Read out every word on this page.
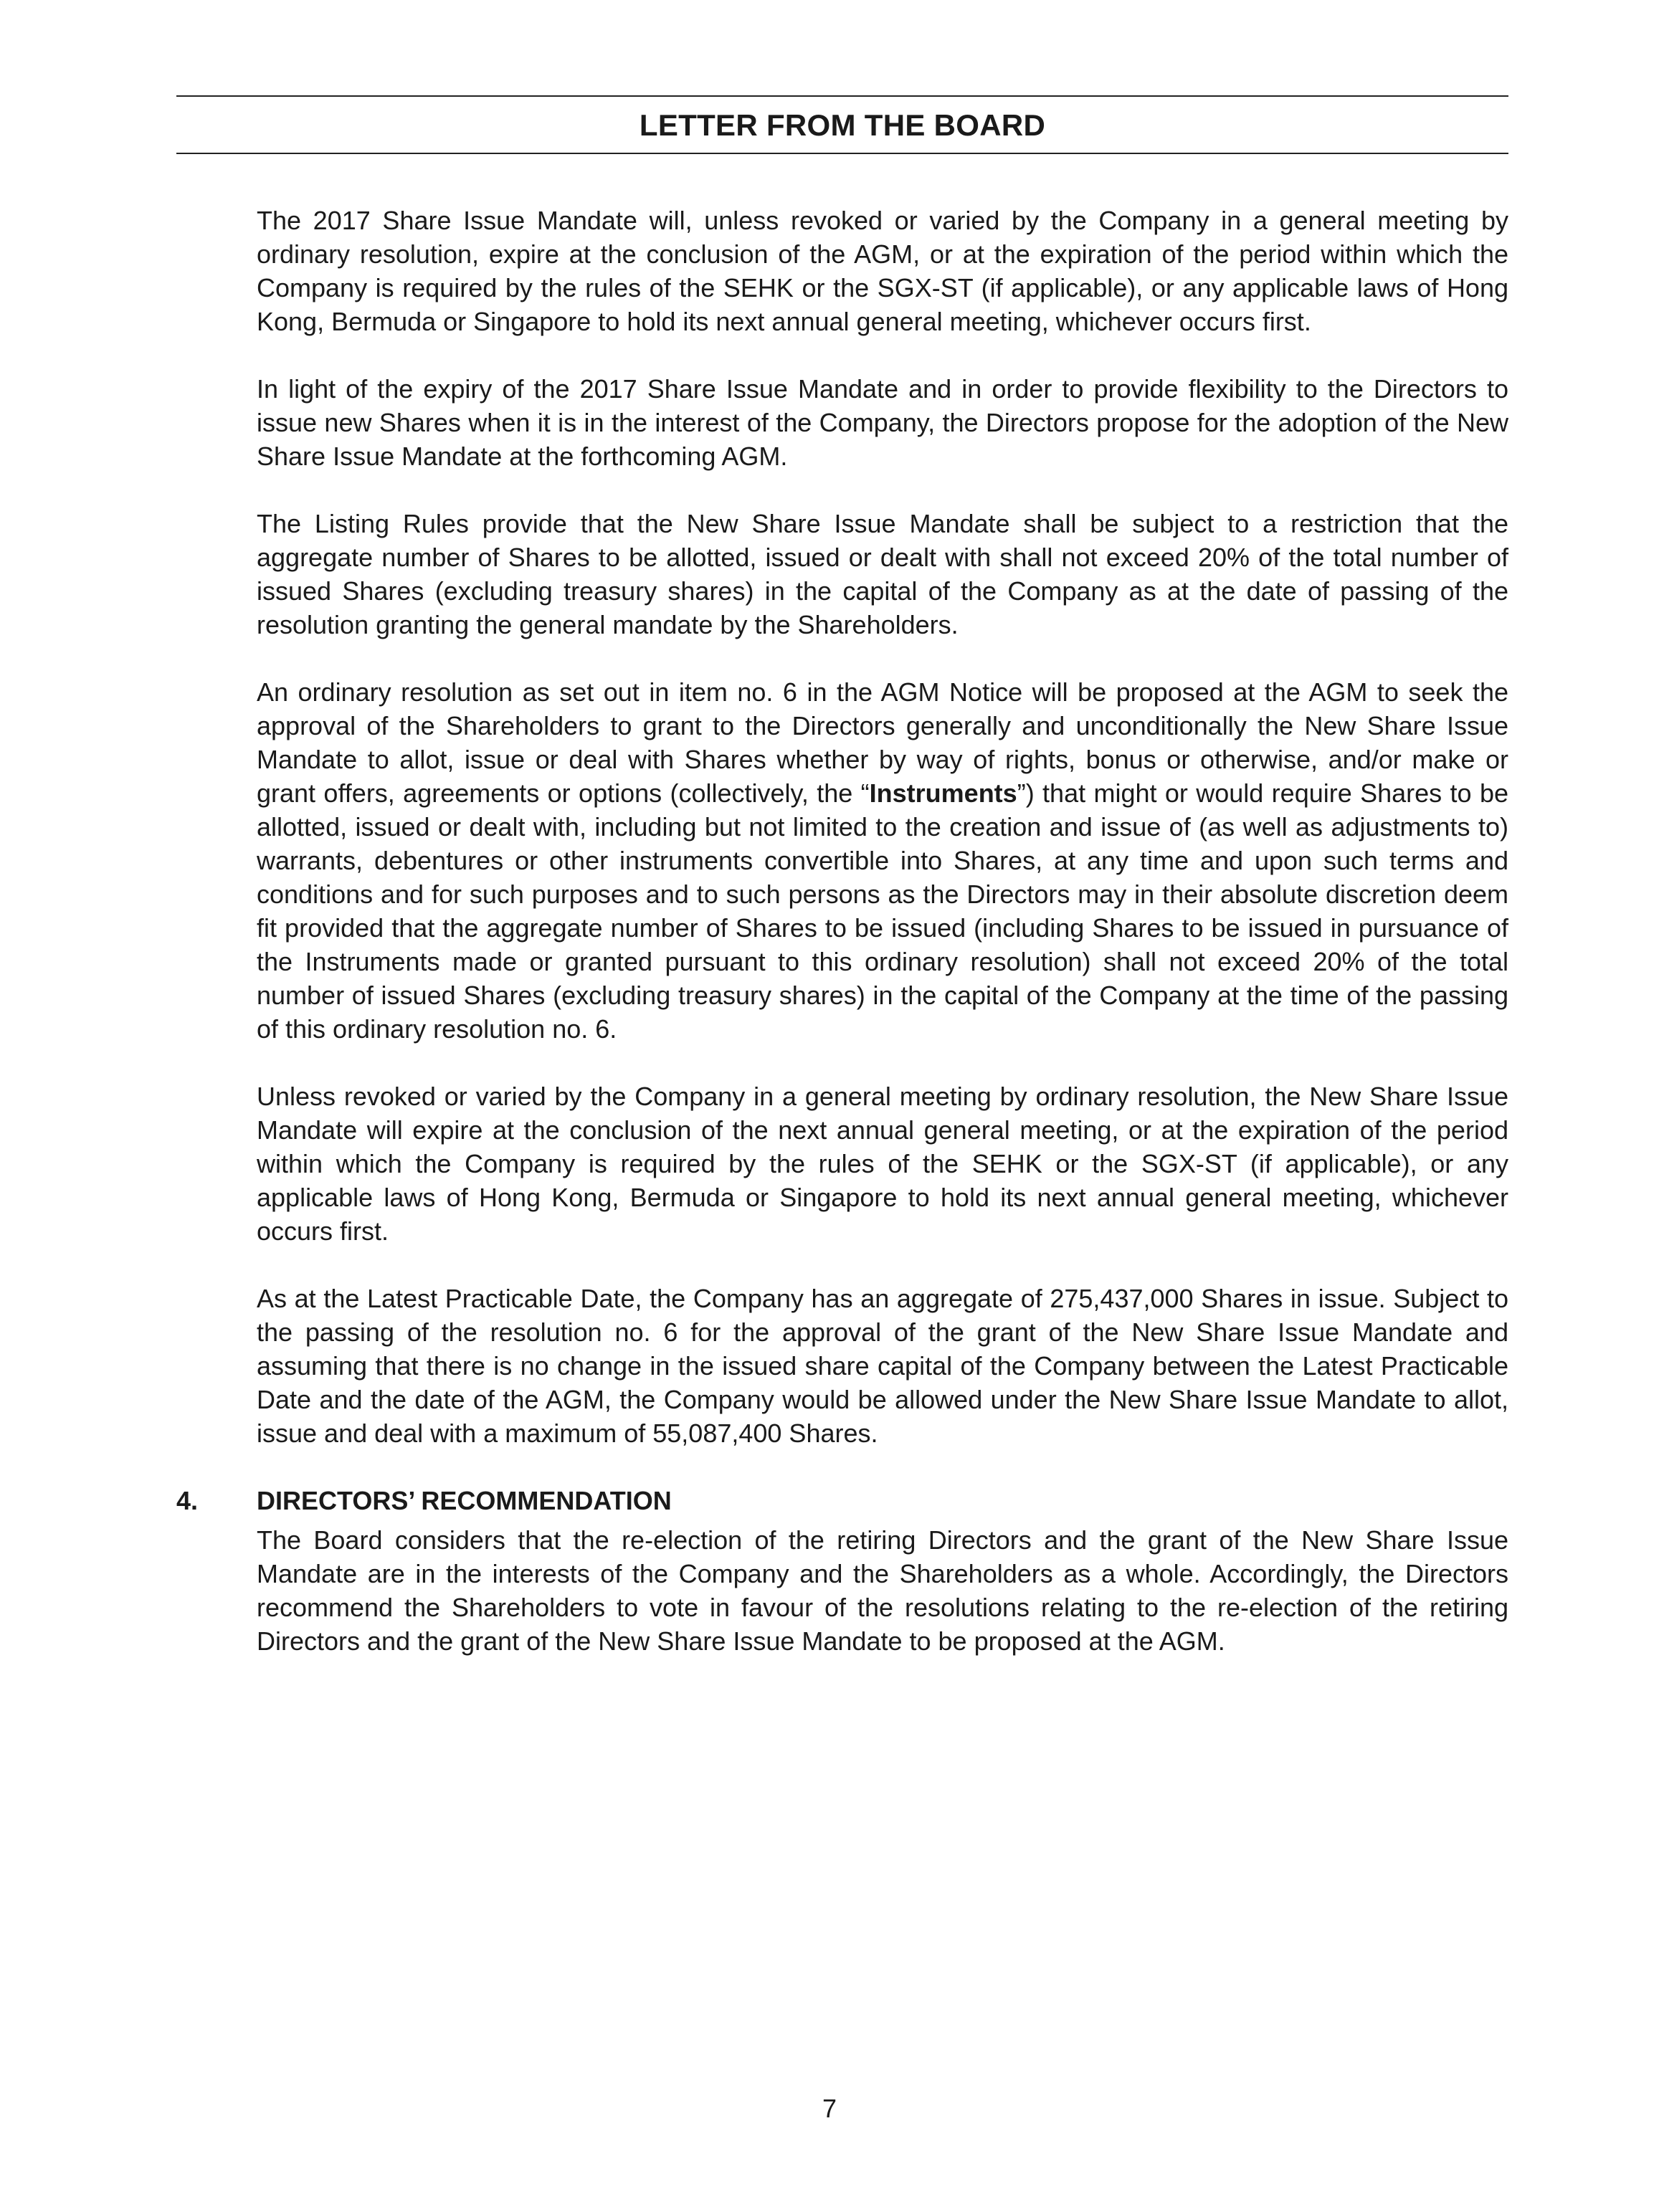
LETTER FROM THE BOARD

The 2017 Share Issue Mandate will, unless revoked or varied by the Company in a general meeting by ordinary resolution, expire at the conclusion of the AGM, or at the expiration of the period within which the Company is required by the rules of the SEHK or the SGX-ST (if applicable), or any applicable laws of Hong Kong, Bermuda or Singapore to hold its next annual general meeting, whichever occurs first.

In light of the expiry of the 2017 Share Issue Mandate and in order to provide flexibility to the Directors to issue new Shares when it is in the interest of the Company, the Directors propose for the adoption of the New Share Issue Mandate at the forthcoming AGM.

The Listing Rules provide that the New Share Issue Mandate shall be subject to a restriction that the aggregate number of Shares to be allotted, issued or dealt with shall not exceed 20% of the total number of issued Shares (excluding treasury shares) in the capital of the Company as at the date of passing of the resolution granting the general mandate by the Shareholders.

An ordinary resolution as set out in item no. 6 in the AGM Notice will be proposed at the AGM to seek the approval of the Shareholders to grant to the Directors generally and unconditionally the New Share Issue Mandate to allot, issue or deal with Shares whether by way of rights, bonus or otherwise, and/or make or grant offers, agreements or options (collectively, the “Instruments”) that might or would require Shares to be allotted, issued or dealt with, including but not limited to the creation and issue of (as well as adjustments to) warrants, debentures or other instruments convertible into Shares, at any time and upon such terms and conditions and for such purposes and to such persons as the Directors may in their absolute discretion deem fit provided that the aggregate number of Shares to be issued (including Shares to be issued in pursuance of the Instruments made or granted pursuant to this ordinary resolution) shall not exceed 20% of the total number of issued Shares (excluding treasury shares) in the capital of the Company at the time of the passing of this ordinary resolution no. 6.

Unless revoked or varied by the Company in a general meeting by ordinary resolution, the New Share Issue Mandate will expire at the conclusion of the next annual general meeting, or at the expiration of the period within which the Company is required by the rules of the SEHK or the SGX-ST (if applicable), or any applicable laws of Hong Kong, Bermuda or Singapore to hold its next annual general meeting, whichever occurs first.

As at the Latest Practicable Date, the Company has an aggregate of 275,437,000 Shares in issue. Subject to the passing of the resolution no. 6 for the approval of the grant of the New Share Issue Mandate and assuming that there is no change in the issued share capital of the Company between the Latest Practicable Date and the date of the AGM, the Company would be allowed under the New Share Issue Mandate to allot, issue and deal with a maximum of 55,087,400 Shares.

4. DIRECTORS’ RECOMMENDATION

The Board considers that the re-election of the retiring Directors and the grant of the New Share Issue Mandate are in the interests of the Company and the Shareholders as a whole. Accordingly, the Directors recommend the Shareholders to vote in favour of the resolutions relating to the re-election of the retiring Directors and the grant of the New Share Issue Mandate to be proposed at the AGM.

7
